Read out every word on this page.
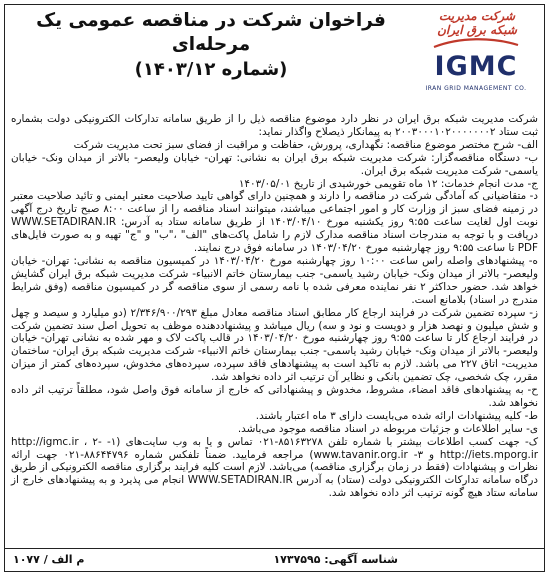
فراخوان شرکت در مناقصه عمومی یک مرحله‌ای

(شماره ۱۴۰۳/۱۲)

شرکت مدیریت
شبکه برق ایران
IGMC
IRAN GRID MANAGEMENT CO.

شرکت مدیریت شبکه برق ایران در نظر دارد موضوع مناقصه ذیل را از طریق سامانه تدارکات الکترونیکی دولت بشماره ثبت ستاد ۲۰۰۳۰۰۰۱۰۲۰۰۰۰۰۰۰۲ به پیمانکار ذیصلاح واگذار نماید:

الف- شرح مختصر موضوع مناقصه: نگهداری، پرورش، حفاظت و مراقبت از فضای سبز تحت مدیریت شرکت

ب- دستگاه مناقصه‌گزار: شرکت مدیریت شبکه برق ایران به نشانی: تهران- خیابان ولیعصر- بالاتر از میدان ونک- خیابان یاسمی- شرکت مدیریت شبکه برق ایران.

ج- مدت انجام خدمات: ۱۲ ماه تقویمی خورشیدی از تاریخ ۱۴۰۳/۰۵/۰۱

د- متقاضیانی که آمادگی شرکت در مناقصه را دارند و همچنین دارای گواهی تایید صلاحیت معتبر ایمنی و تائید صلاحیت معتبر در زمینه فضای سبز از وزارت کار و امور اجتماعی میباشند، میتوانند اسناد مناقصه را از ساعت ۸:۰۰ صبح تاریخ درج آگهی نوبت اول لغایت ساعت ۹:۵۵ روز یکشنبه مورخ ۱۴۰۳/۰۴/۱۰ از طریق سامانه ستاد به آدرس: WWW.SETADIRAN.IR دریافت و با توجه به مندرجات اسناد مناقصه مدارک لازم را شامل پاکت‌های "الف" ،"ب" و "ج" تهیه و به صورت فایل‌های PDF تا ساعت ۹:۵۵ روز چهارشنبه مورخ ۱۴۰۳/۰۴/۲۰ در سامانه فوق درج نمایند.

ه- پیشنهادهای واصله راس ساعت ۱۰:۰۰ روز چهارشنبه مورخ ۱۴۰۳/۰۴/۲۰ در کمیسیون مناقصه به نشانی: تهران- خیابان ولیعصر- بالاتر از میدان ونک- خیابان رشید یاسمی- جنب بیمارستان خاتم الانبیاء- شرکت مدیریت شبکه برق ایران گشایش خواهد شد. حضور حداکثر ۲ نفر نماینده معرفی شده با نامه رسمی از سوی مناقصه گر در کمیسیون مناقصه (وفق شرایط مندرج در اسناد) بلامانع است.

ز- سپرده تضمین شرکت در فرایند ارجاع کار مطابق اسناد مناقصه معادل مبلغ ۲/۳۴۶/۹۰۰/۲۹۳ (دو میلیارد و سیصد و چهل و شش میلیون و نهصد هزار و دویست و نود و سه) ریال میباشد و پیشنهاددهنده موظف به تحویل اصل سند تضمین شرکت در فرایند ارجاع کار تا ساعت ۹:۵۵ روز چهارشنبه مورخ ۱۴۰۳/۰۴/۲۰ در قالب پاکت لاک و مهر شده به نشانی تهران- خیابان ولیعصر- بالاتر از میدان ونک- خیابان رشید یاسمی- جنب بیمارستان خاتم الانبیاء- شرکت مدیریت شبکه برق ایران- ساختمان مدیریت- اتاق ۲۲۷ می باشد. لازم به تاکید است به پیشنهادهای فاقد سپرده، سپرده‌های مخدوش، سپرده‌های کمتر از میزان مقرر، چک شخصی، چک تضمین بانکی و نظایر آن ترتیب اثر داده نخواهد شد.

ح- به پیشنهادهای فاقد امضاء، مشروط، مخدوش و پیشنهاداتی که خارج از سامانه فوق واصل شود، مطلقاً ترتیب اثر داده نخواهد شد.

ط- کلیه پیشنهادات ارائه شده می‌بایست دارای ۳ ماه اعتبار باشند.

ی- سایر اطلاعات و جزئیات مربوطه در اسناد مناقصه موجود می‌باشد.

ک- جهت کسب اطلاعات بیشتر با شماره تلفن ۸۵۱۶۳۲۷۸-۰۲۱ تماس و یا به وب سایت‌های (۱- http://igmc.ir ، ۲- http://iets.mporg.ir و ۳- www.tavanir.org.ir) مراجعه فرمایید. ضمناً تلفکس شماره ۸۸۶۴۴۷۹۶-۰۲۱ جهت ارائه نظرات و پیشنهادات (فقط در زمان برگزاری مناقصه) می‌باشد. لازم است کلیه فرایند برگزاری مناقصه الکترونیکی از طریق درگاه سامانه تدارکات الکترونیکی دولت (ستاد) به آدرس WWW.SETADIRAN.IR انجام می پذیرد و به پیشنهادهای خارج از سامانه ستاد هیچ گونه ترتیب اثر داده نخواهد شد.

شناسه آگهی: ۱۷۳۷۵۹۵
م الف / ۱۰۷۷
